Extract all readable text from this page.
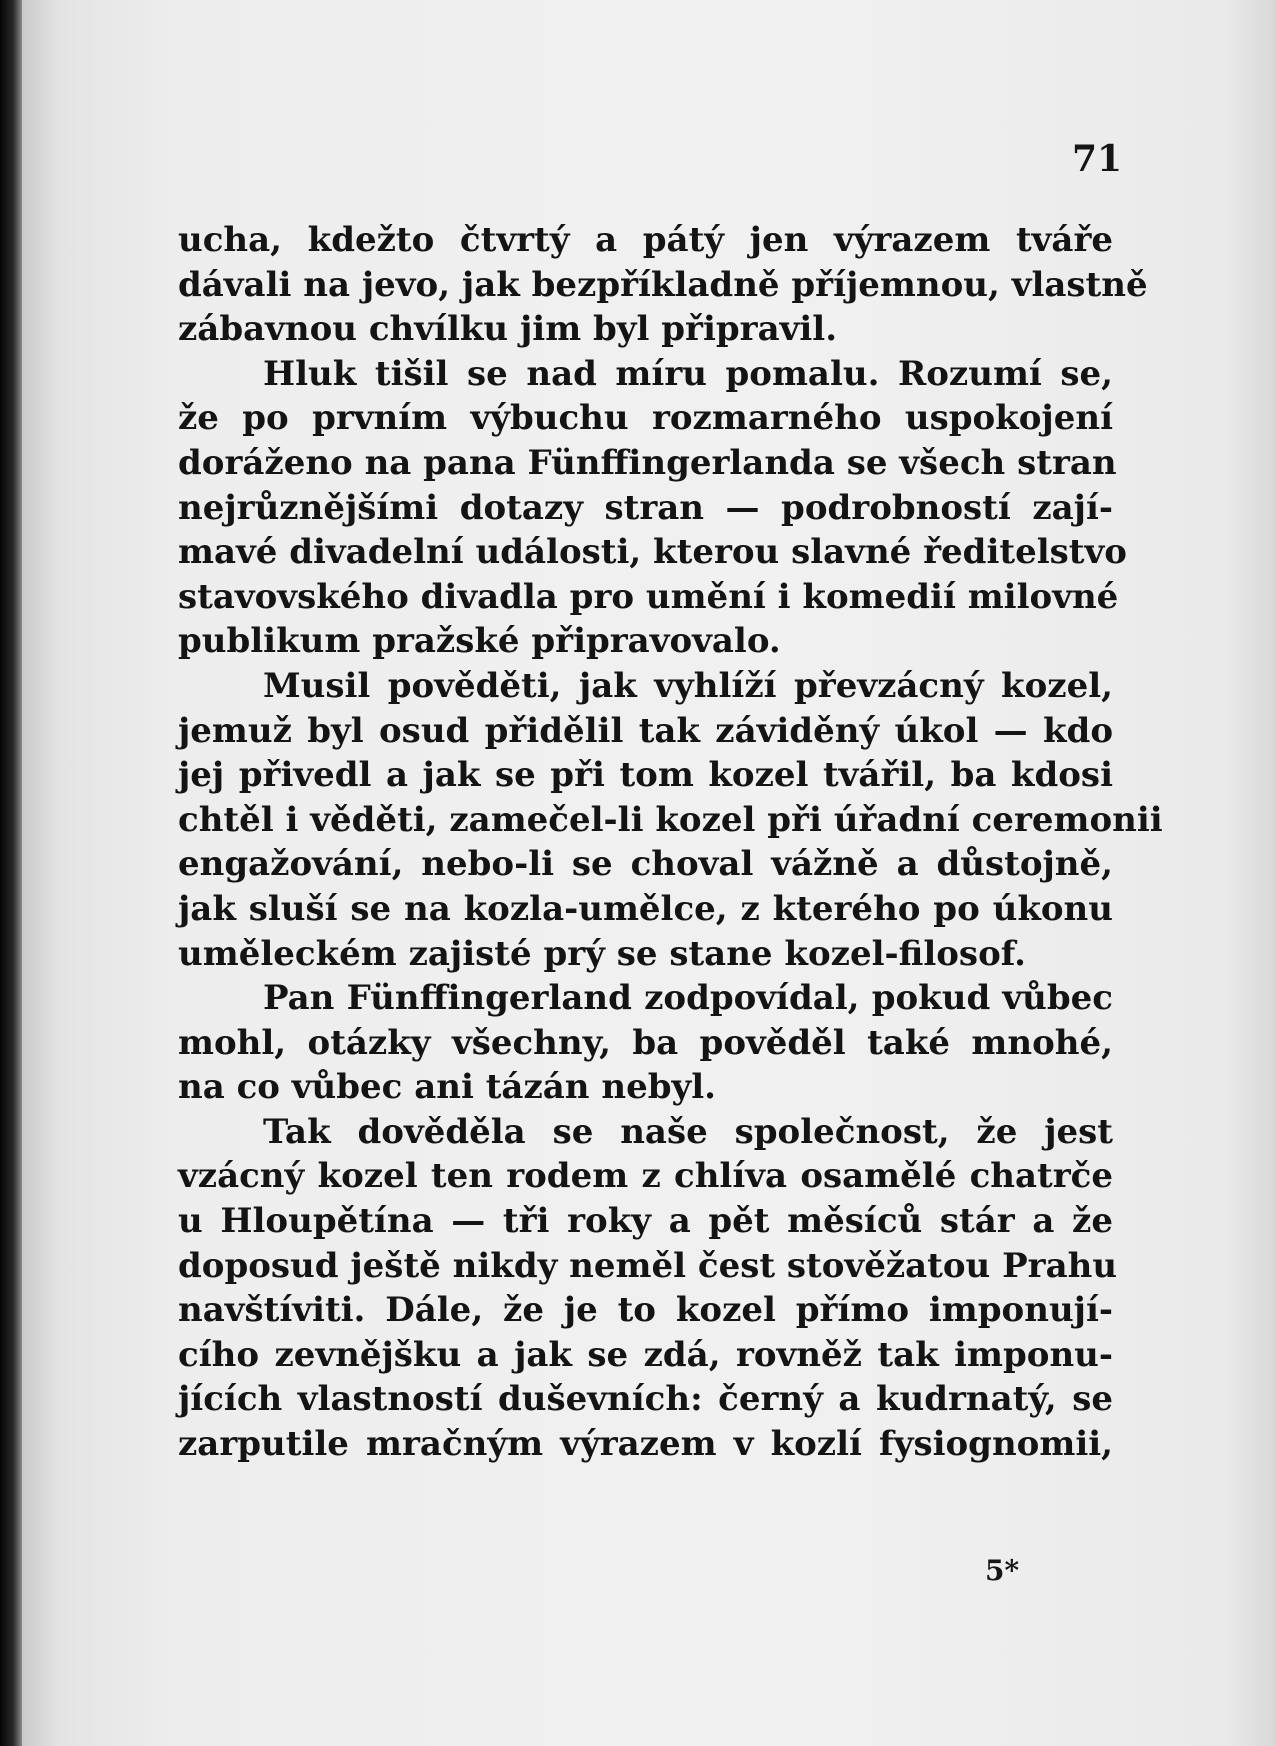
71
ucha, kdežto čtvrtý a pátý jen výrazem tváře
dávali na jevo, jak bezpříkladně příjemnou, vlastně
zábavnou chvílku jim byl připravil.
Hluk tišil se nad míru pomalu. Rozumí se,
že po prvním výbuchu rozmarného uspokojení
doráženo na pana Fünffingerlanda se všech stran
nejrůznějšími dotazy stran — podrobností zají-
mavé divadelní události, kterou slavné ředitelstvo
stavovského divadla pro umění i komedií milovné
publikum pražské připravovalo.
Musil pověděti, jak vyhlíží převzácný kozel,
jemuž byl osud přidělil tak záviděný úkol — kdo
jej přivedl a jak se při tom kozel tvářil, ba kdosi
chtěl i věděti, zamečel-li kozel při úřadní ceremonii
engažování, nebo-li se choval vážně a důstojně,
jak sluší se na kozla-umělce, z kterého po úkonu
uměleckém zajisté prý se stane kozel-filosof.
Pan Fünffingerland zodpovídal, pokud vůbec
mohl, otázky všechny, ba pověděl také mnohé,
na co vůbec ani tázán nebyl.
Tak dověděla se naše společnost, že jest
vzácný kozel ten rodem z chlíva osamělé chatrče
u Hloupětína — tři roky a pět měsíců stár a že
doposud ještě nikdy neměl čest stověžatou Prahu
navštíviti. Dále, že je to kozel přímo imponují-
cího zevnějšku a jak se zdá, rovněž tak imponu-
jících vlastností duševních: černý a kudrnatý, se
zarputile mračným výrazem v kozlí fysiognomii,
5*
